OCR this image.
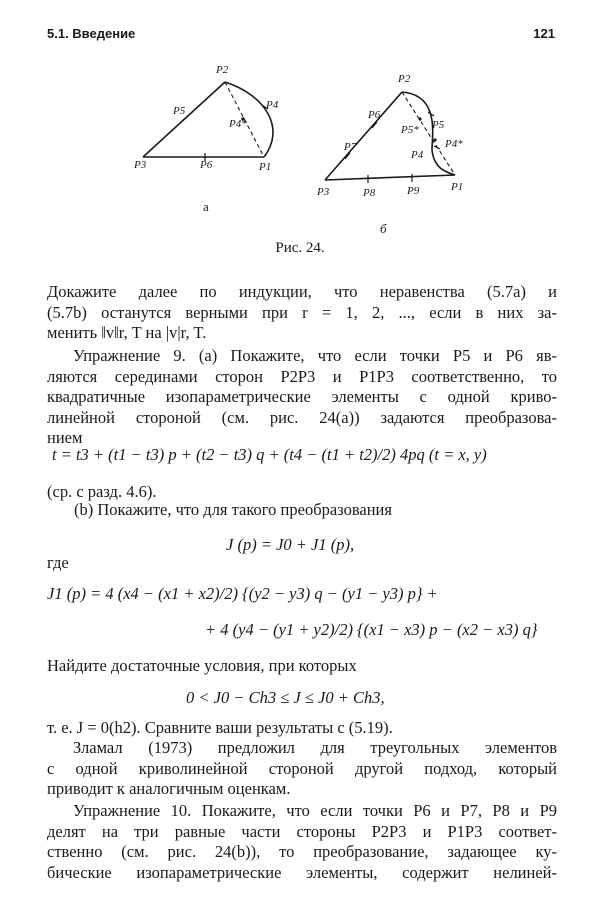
5.1. Введение	121
P2
P5	P4
P4*
P3	P6	P1
а
P2
P6
P7
P5* P5
P4*
P4
P3	P8	P9	P1
б
Рис. 24.
Докажите далее по индукции, что неравенства (5.7a) и
(5.7b) останутся верными при r = 1, 2, ..., если в них за-
менить ‖v‖r, T на |v|r, T.
Упражнение 9. (a) Покажите, что если точки P5 и P6 яв-
ляются серединами сторон P2P3 и P1P3 соответственно, то
квадратичные изопараметрические элементы с одной криво-
линейной стороной (см. рис. 24(a)) задаются преобразова-
нием
t = t3 + (t1 − t3) p + (t2 − t3) q + (t4 − (t1 + t2)/2) 4pq (t = x, y)
(ср. с разд. 4.6).
(b) Покажите, что для такого преобразования
J (p) = J0 + J1 (p),
где
J1 (p) = 4 (x4 − (x1 + x2)/2) {(y2 − y3) q − (y1 − y3) p} +
+ 4 (y4 − (y1 + y2)/2) {(x1 − x3) p − (x2 − x3) q}
Найдите достаточные условия, при которых
0 < J0 − Ch3 ≤ J ≤ J0 + Ch3,
т. е. J = 0(h2). Сравните ваши результаты с (5.19).
Зламал (1973) предложил для треугольных элементов
с одной криволинейной стороной другой подход, который
приводит к аналогичным оценкам.
Упражнение 10. Покажите, что если точки P6 и P7, P8 и P9
делят на три равные части стороны P2P3 и P1P3 соответ-
ственно (см. рис. 24(b)), то преобразование, задающее ку-
бические изопараметрические элементы, содержит нелиней-
